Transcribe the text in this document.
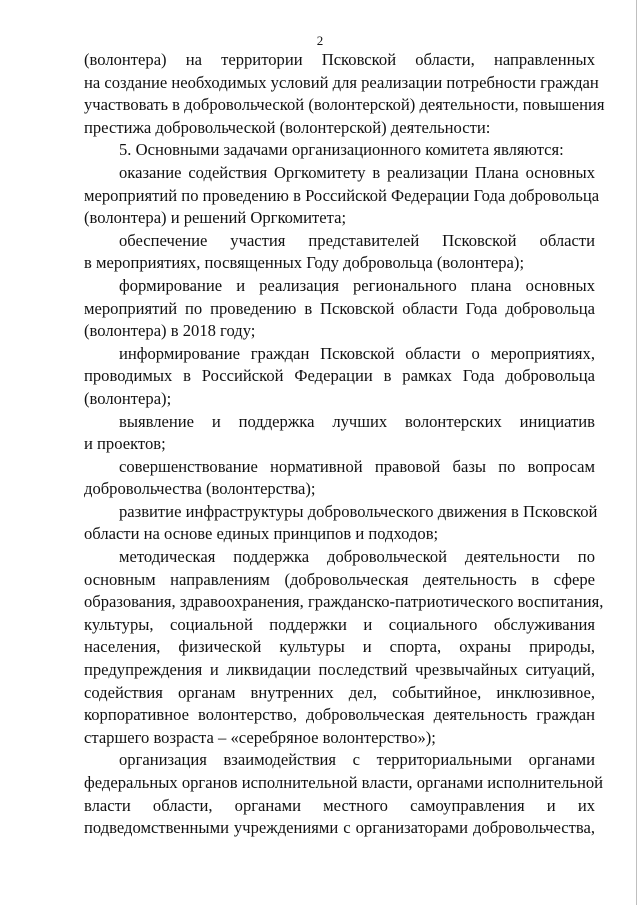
2
(волонтера) на территории Псковской области, направленных
на создание необходимых условий для реализации потребности граждан
участвовать в добровольческой (волонтерской) деятельности, повышения
престижа добровольческой (волонтерской) деятельности:
5. Основными задачами организационного комитета являются:
оказание содействия Оргкомитету в реализации Плана основных
мероприятий по проведению в Российской Федерации Года добровольца
(волонтера) и решений Оргкомитета;
обеспечение участия представителей Псковской области
в мероприятиях, посвященных Году добровольца (волонтера);
формирование и реализация регионального плана основных
мероприятий по проведению в Псковской области Года добровольца
(волонтера) в 2018 году;
информирование граждан Псковской области о мероприятиях,
проводимых в Российской Федерации в рамках Года добровольца
(волонтера);
выявление и поддержка лучших волонтерских инициатив
и проектов;
совершенствование нормативной правовой базы по вопросам
добровольчества (волонтерства);
развитие инфраструктуры добровольческого движения в Псковской
области на основе единых принципов и подходов;
методическая поддержка добровольческой деятельности по
основным направлениям (добровольческая деятельность в сфере
образования, здравоохранения, гражданско-патриотического воспитания,
культуры, социальной поддержки и социального обслуживания
населения, физической культуры и спорта, охраны природы,
предупреждения и ликвидации последствий чрезвычайных ситуаций,
содействия органам внутренних дел, событийное, инклюзивное,
корпоративное волонтерство, добровольческая деятельность граждан
старшего возраста – «серебряное волонтерство»);
организация взаимодействия с территориальными органами
федеральных органов исполнительной власти, органами исполнительной
власти области, органами местного самоуправления и их
подведомственными учреждениями с организаторами добровольчества,
